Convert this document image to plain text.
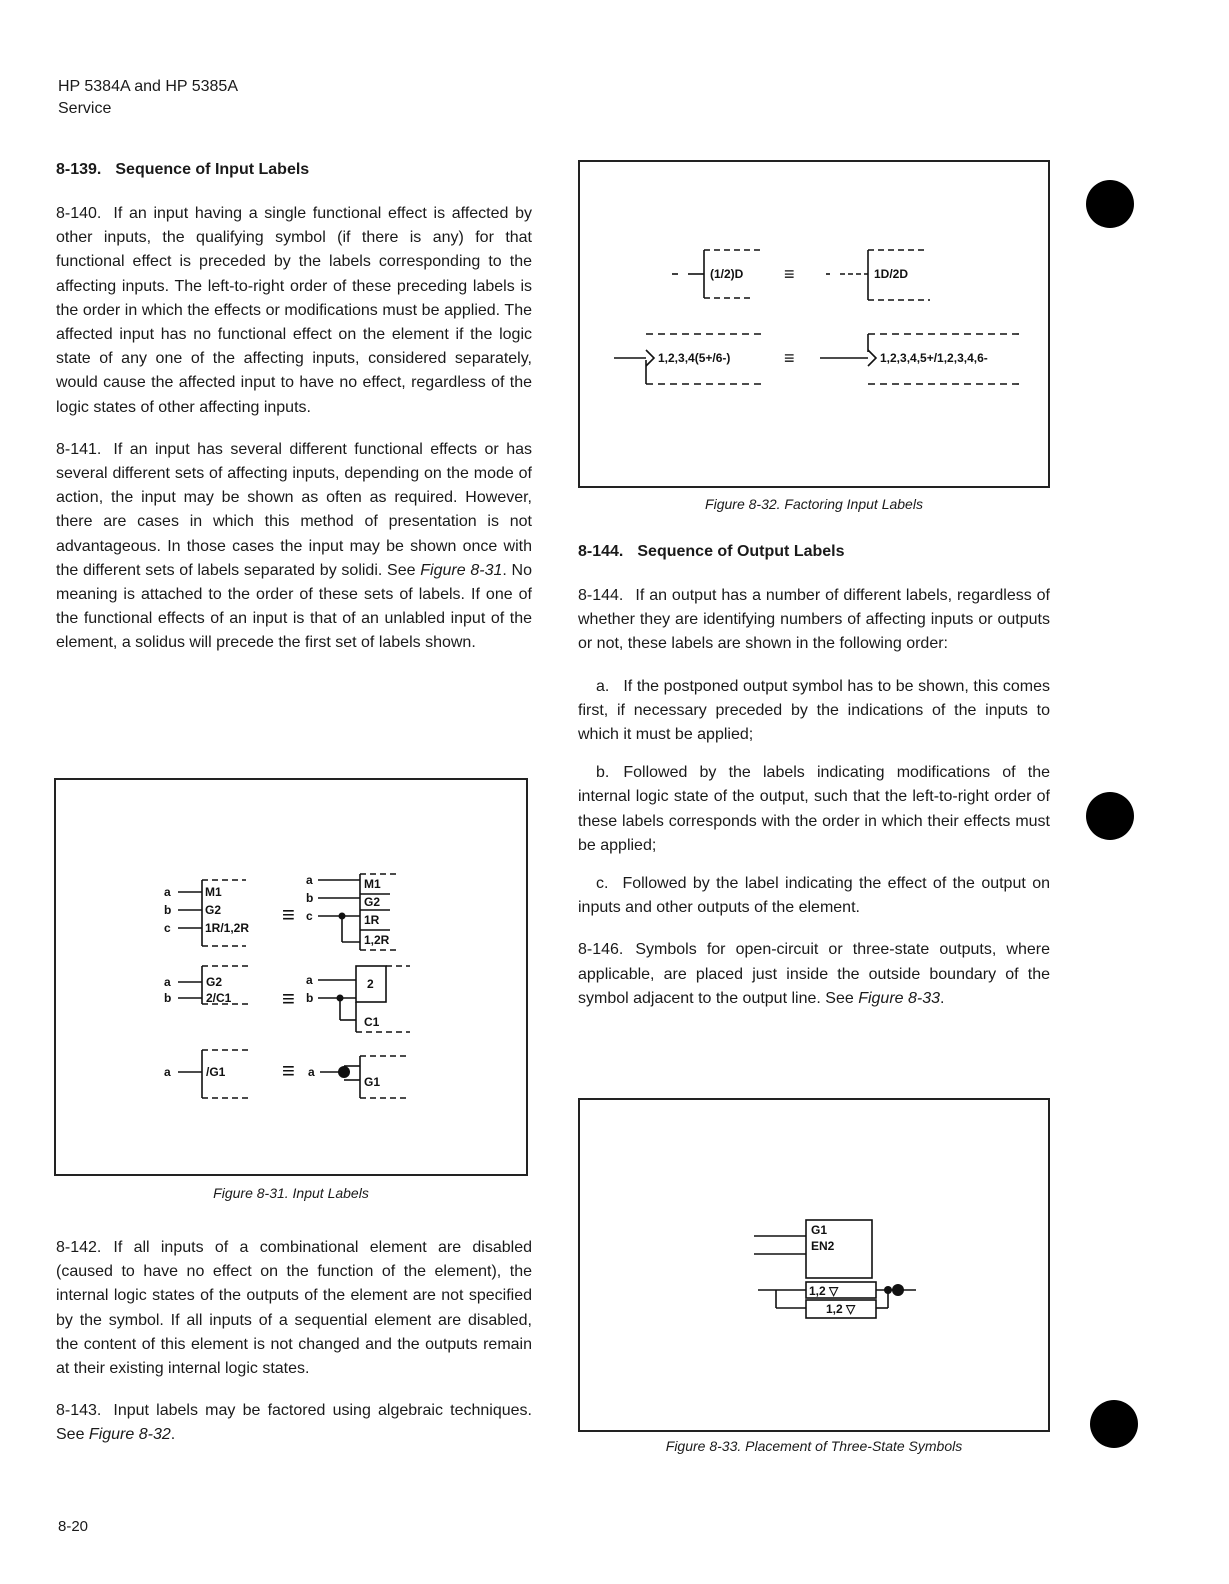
HP 5384A and HP 5385A
Service
8-139. Sequence of Input Labels

8-140. If an input having a single functional effect is affected by other inputs, the qualifying symbol (if there is any) for that functional effect is preceded by the labels corresponding to the affecting inputs. The left-to-right order of these preceding labels is the order in which the effects or modifications must be applied. The affected input has no functional effect on the element if the logic state of any one of the affecting inputs, considered separately, would cause the affected input to have no effect, regardless of the logic states of other affecting inputs.

8-141. If an input has several different functional effects or has several different sets of affecting inputs, depending on the mode of action, the input may be shown as often as required. However, there are cases in which this method of presentation is not advantageous. In those cases the input may be shown once with the different sets of labels separated by solidi. See Figure 8-31. No meaning is attached to the order of these sets of labels. If one of the functional effects of an input is that of an unlabled input of the element, a solidus will precede the first set of labels shown.

a
b
c
M1
G2
1R/1,2R
a
b
c
M1
G2
1R
1,2R
a
b
G2
2/C1
a
b
2
C1
a	/G1	a
G1
≡
≡
≡
Figure 8-31. Input Labels

8-142. If all inputs of a combinational element are disabled (caused to have no effect on the function of the element), the internal logic states of the outputs of the element are not specified by the symbol. If all inputs of a sequential element are disabled, the content of this element is not changed and the outputs remain at their existing internal logic states.

8-143. Input labels may be factored using algebraic techniques. See Figure 8-32.

(1/2)D	1D/2D
1,2,3,4(5+/6-)	1,2,3,4,5+/1,2,3,4,6-
≡
≡
Figure 8-32. Factoring Input Labels
8-144. Sequence of Output Labels

8-144. If an output has a number of different labels, regardless of whether they are identifying numbers of affecting inputs or outputs or not, these labels are shown in the following order:

a. If the postponed output symbol has to be shown, this comes first, if necessary preceded by the indications of the inputs to which it must be applied;

b. Followed by the labels indicating modifications of the internal logic state of the output, such that the left-to-right order of these labels corresponds with the order in which their effects must be applied;

c. Followed by the label indicating the effect of the output on inputs and other outputs of the element.

8-146. Symbols for open-circuit or three-state outputs, where applicable, are placed just inside the outside boundary of the symbol adjacent to the output line. See Figure 8-33.

G1
EN2
1,2 ▽
1,2 ▽
Figure 8-33. Placement of Three-State Symbols
8-20
